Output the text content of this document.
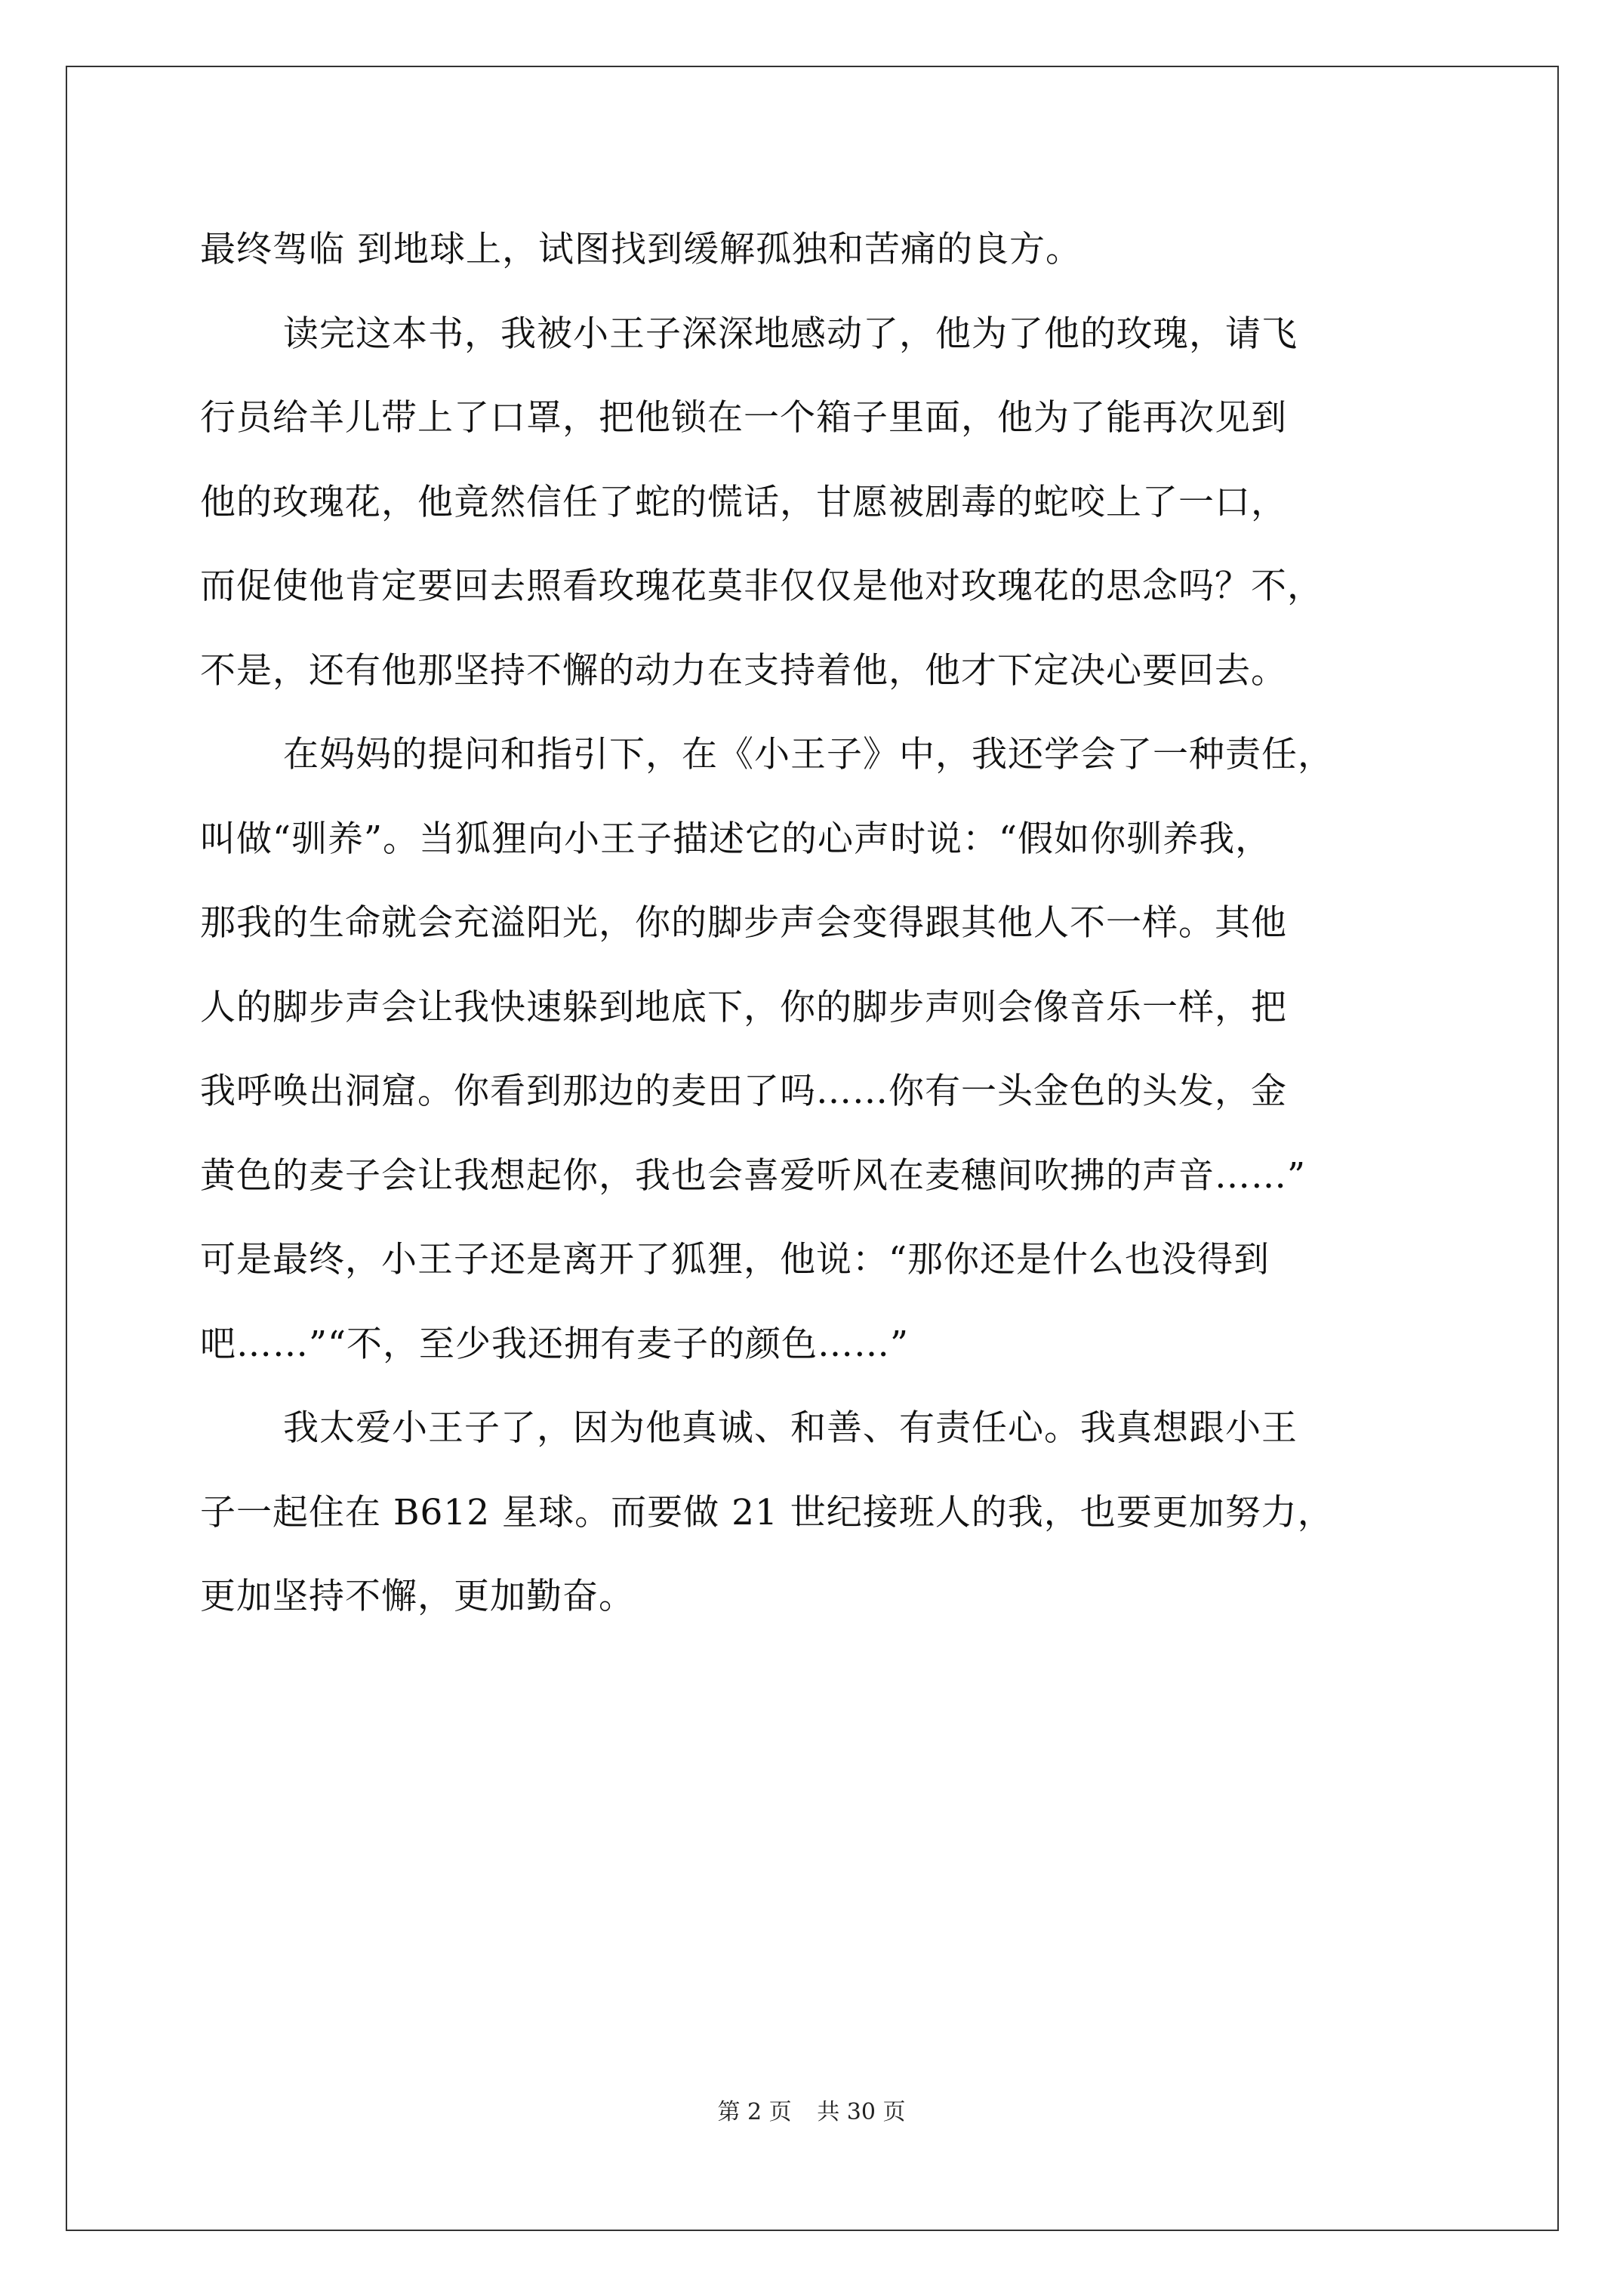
最终驾临 到地球上，试图找到缓解孤独和苦痛的良方。
读完这本书，我被小王子深深地感动了，他为了他的玫瑰，请飞
行员给羊儿带上了口罩，把他锁在一个箱子里面，他为了能再次见到
他的玫瑰花，他竟然信任了蛇的慌话，甘愿被剧毒的蛇咬上了一口，
而促使他肯定要回去照看玫瑰花莫非仅仅是他对玫瑰花的思念吗？不，
不是，还有他那坚持不懈的动力在支持着他，他才下定决心要回去。
在妈妈的提问和指引下，在《小王子》中，我还学会了一种责任，
叫做“驯养”。当狐狸向小王子描述它的心声时说：“假如你驯养我，
那我的生命就会充溢阳光，你的脚步声会变得跟其他人不一样。其他
人的脚步声会让我快速躲到地底下，你的脚步声则会像音乐一样，把
我呼唤出洞窟。你看到那边的麦田了吗……你有一头金色的头发，金
黄色的麦子会让我想起你，我也会喜爱听风在麦穗间吹拂的声音……”
可是最终，小王子还是离开了狐狸，他说：“那你还是什么也没得到
吧……”“不，至少我还拥有麦子的颜色……”
我太爱小王子了，因为他真诚、和善、有责任心。我真想跟小王
子一起住在 B612 星球。而要做 21 世纪接班人的我，也要更加努力，
更加坚持不懈，更加勤奋。
第 2 页 共 30 页
